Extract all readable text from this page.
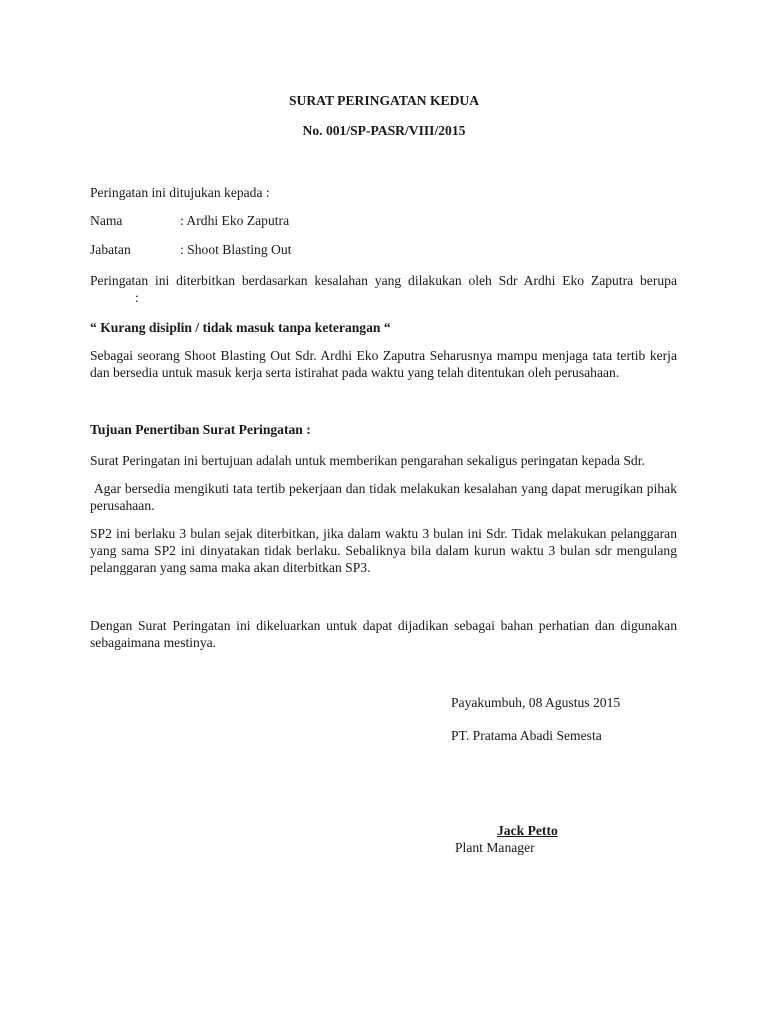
SURAT PERINGATAN KEDUA
No. 001/SP-PASR/VIII/2015
Peringatan ini ditujukan kepada :
Nama	: Ardhi Eko Zaputra
Jabatan	: Shoot Blasting Out
Peringatan ini diterbitkan berdasarkan kesalahan yang dilakukan oleh Sdr Ardhi Eko Zaputra berupa
:
“ Kurang disiplin / tidak masuk tanpa keterangan “

Sebagai seorang Shoot Blasting Out Sdr. Ardhi Eko Zaputra Seharusnya mampu menjaga tata tertib kerja dan bersedia untuk masuk kerja serta istirahat pada waktu yang telah ditentukan oleh perusahaan.

Tujuan Penertiban Surat Peringatan :

Surat Peringatan ini bertujuan adalah untuk memberikan pengarahan sekaligus peringatan kepada Sdr.

Agar bersedia mengikuti tata tertib pekerjaan dan tidak melakukan kesalahan yang dapat merugikan pihak perusahaan.

SP2 ini berlaku 3 bulan sejak diterbitkan, jika dalam waktu 3 bulan ini Sdr. Tidak melakukan pelanggaran yang sama SP2 ini dinyatakan tidak berlaku. Sebaliknya bila dalam kurun waktu 3 bulan sdr mengulang pelanggaran yang sama maka akan diterbitkan SP3.

Dengan Surat Peringatan ini dikeluarkan untuk dapat dijadikan sebagai bahan perhatian dan digunakan sebagaimana mestinya.

Payakumbuh, 08 Agustus 2015
PT. Pratama Abadi Semesta
Jack Petto
Plant Manager
